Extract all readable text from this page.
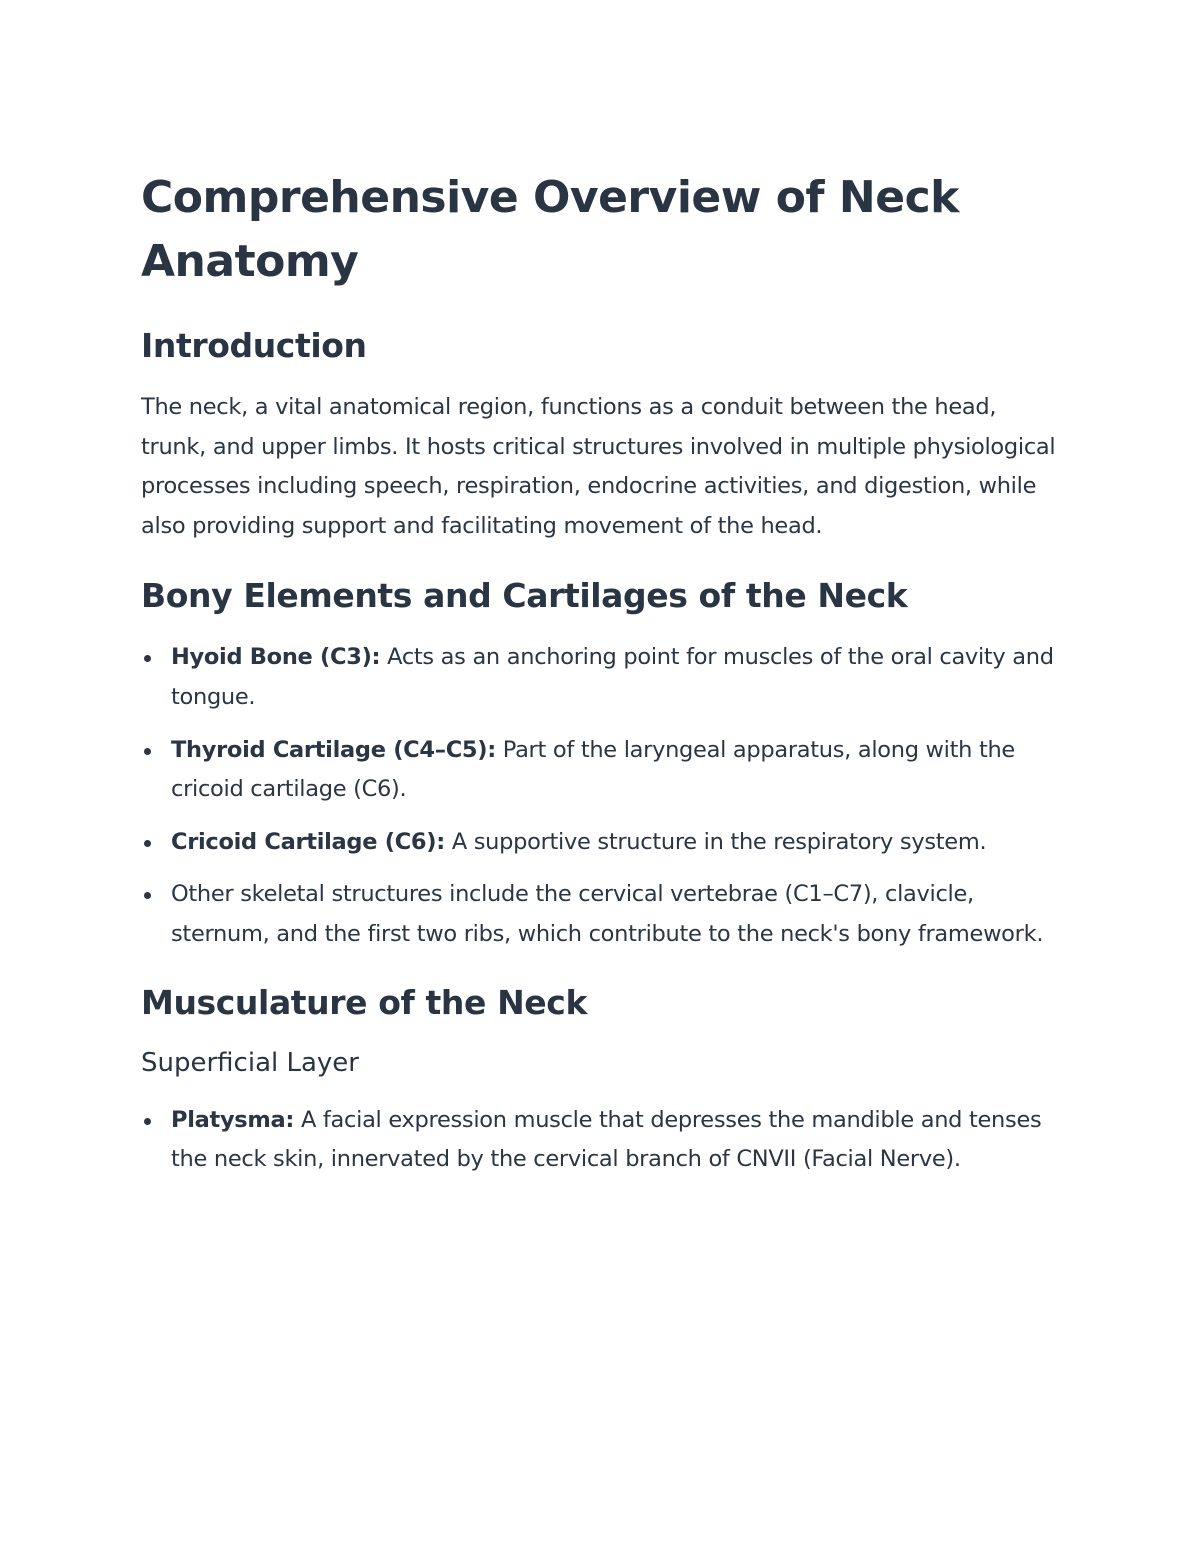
Comprehensive Overview of Neck Anatomy
Introduction

The neck, a vital anatomical region, functions as a conduit between the head, trunk, and upper limbs. It hosts critical structures involved in multiple physiological processes including speech, respiration, endocrine activities, and digestion, while also providing support and facilitating movement of the head.

Bony Elements and Cartilages of the Neck
Hyoid Bone (C3): Acts as an anchoring point for muscles of the oral cavity and tongue.
Thyroid Cartilage (C4–C5): Part of the laryngeal apparatus, along with the cricoid cartilage (C6).
Cricoid Cartilage (C6): A supportive structure in the respiratory system.
Other skeletal structures include the cervical vertebrae (C1–C7), clavicle, sternum, and the first two ribs, which contribute to the neck's bony framework.
Musculature of the Neck
Superficial Layer
Platysma: A facial expression muscle that depresses the mandible and tenses the neck skin, innervated by the cervical branch of CNVII (Facial Nerve).
